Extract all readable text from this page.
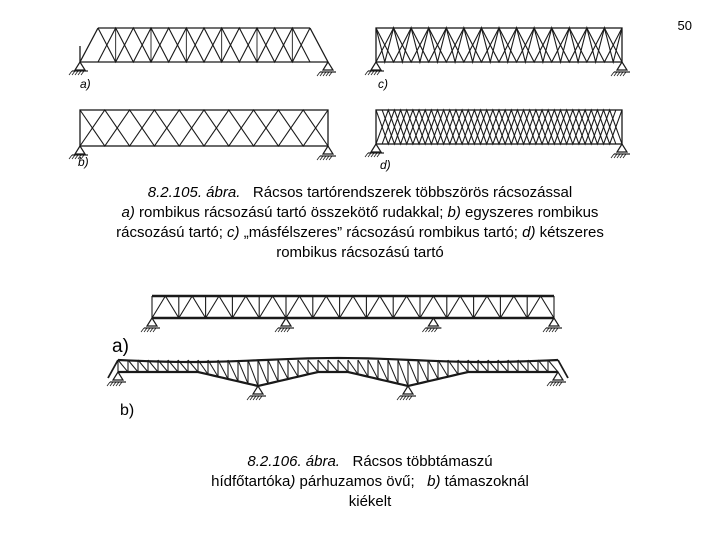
50
a)	c)
b)	d)
8.2.105. ábra. Rácsos tartórendszerek többszörös rácsozással
a) rombikus rácsozású tartó összekötő rudakkal; b) egyszeres rombikus
rácsozású tartó; c) „másfélszeres” rácsozású rombikus tartó; d) kétszeres
rombikus rácsozású tartó
a)
b)
8.2.106. ábra. Rácsos többtámaszú
hídfőtartóka) párhuzamos övű;   b) támaszoknál
kiékelt
